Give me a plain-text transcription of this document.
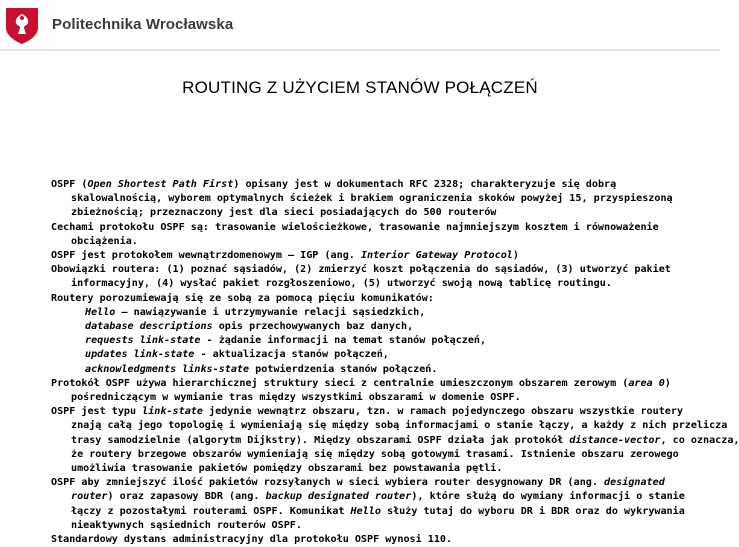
Politechnika Wrocławska
ROUTING Z UŻYCIEM STANÓW POŁĄCZEŃ

OSPF (Open Shortest Path First) opisany jest w dokumentach RFC 2328; charakteryzuje się dobrą
skalowalnością, wyborem optymalnych ścieżek i brakiem ograniczenia skoków powyżej 15, przyspieszoną
zbieżnością; przeznaczony jest dla sieci posiadających do 500 routerów

Cechami protokołu OSPF są: trasowanie wielościeżkowe, trasowanie najmniejszym kosztem i równoważenie
obciążenia.

OSPF jest protokołem wewnątrzdomenowym – IGP (ang. Interior Gateway Protocol)

Obowiązki routera: (1) poznać sąsiadów, (2) zmierzyć koszt połączenia do sąsiadów, (3) utworzyć pakiet
informacyjny, (4) wysłać pakiet rozgłoszeniowo, (5) utworzyć swoją nową tablicę routingu.

Routery porozumiewają się ze sobą za pomocą pięciu komunikatów:

Hello – nawiązywanie i utrzymywanie relacji sąsiedzkich,

database descriptions opis przechowywanych baz danych,

requests link-state - żądanie informacji na temat stanów połączeń,

updates link-state - aktualizacja stanów połączeń,

acknowledgments links-state potwierdzenia stanów połączeń.

Protokół OSPF używa hierarchicznej struktury sieci z centralnie umieszczonym obszarem zerowym (area 0)
pośredniczącym w wymianie tras między wszystkimi obszarami w domenie OSPF.

OSPF jest typu link-state jedynie wewnątrz obszaru, tzn. w ramach pojedynczego obszaru wszystkie routery
znają całą jego topologię i wymieniają się między sobą informacjami o stanie łączy, a każdy z nich przelicza
trasy samodzielnie (algorytm Dijkstry). Między obszarami OSPF działa jak protokół distance-vector, co oznacza,
że routery brzegowe obszarów wymieniają się między sobą gotowymi trasami. Istnienie obszaru zerowego
umożliwia trasowanie pakietów pomiędzy obszarami bez powstawania pętli.

OSPF aby zmniejszyć ilość pakietów rozsyłanych w sieci wybiera router desygnowany DR (ang. designated
router) oraz zapasowy BDR (ang. backup designated router), które służą do wymiany informacji o stanie
łączy z pozostałymi routerami OSPF. Komunikat Hello służy tutaj do wyboru DR i BDR oraz do wykrywania
nieaktywnych sąsiednich routerów OSPF.

Standardowy dystans administracyjny dla protokołu OSPF wynosi 110.
